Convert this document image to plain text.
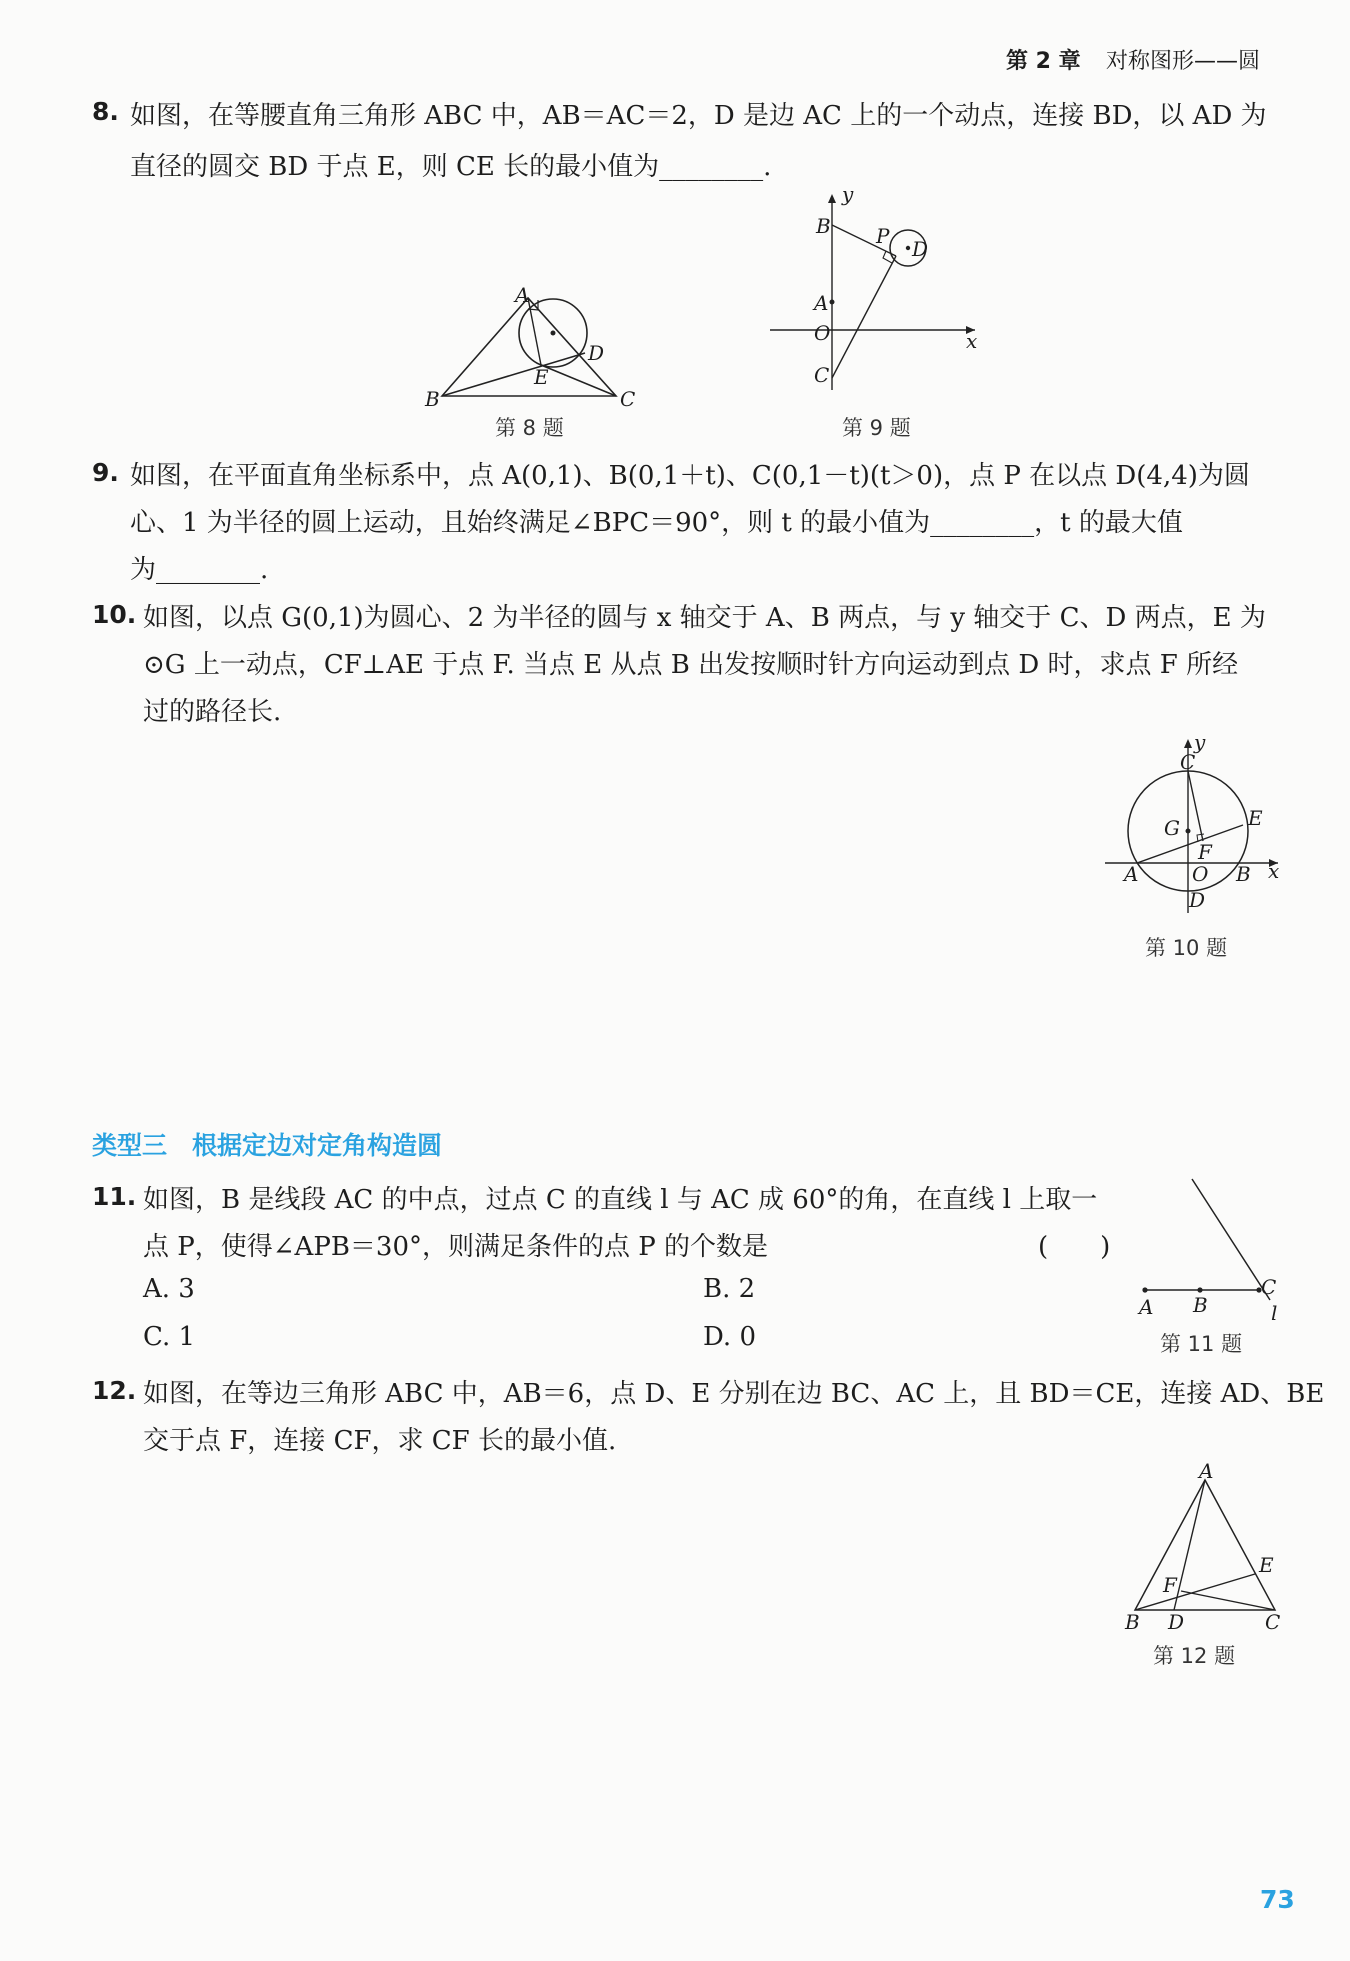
第 2 章 对称图形——圆
8. 如图，在等腰直角三角形 ABC 中，AB＝AC＝2，D 是边 AC 上的一个动点，连接 BD，以 AD 为
直径的圆交 BD 于点 E，则 CE 长的最小值为________.
A
B	C
D
E
第 8 题
y
x
B P
D
A
O
C
第 9 题
9. 如图，在平面直角坐标系中，点 A(0,1)、B(0,1＋t)、C(0,1－t)(t＞0)，点 P 在以点 D(4,4)为圆
心、1 为半径的圆上运动，且始终满足∠BPC＝90°，则 t 的最小值为________，t 的最大值
为________.
10. 如图，以点 G(0,1)为圆心、2 为半径的圆与 x 轴交于 A、B 两点，与 y 轴交于 C、D 两点，E 为
⊙G 上一动点，CF⊥AE 于点 F. 当点 E 从点 B 出发按顺时针方向运动到点 D 时，求点 F 所经
过的路径长.
y
C
G	E
F
A	O B x
D
第 10 题
类型三　根据定边对定角构造圆
11. 如图，B 是线段 AC 的中点，过点 C 的直线 l 与 AC 成 60°的角，在直线 l 上取一
点 P，使得∠APB＝30°，则满足条件的点 P 的个数是	(　　)
A. 3	B. 2
C. 1	D. 0
A B
C
l
第 11 题
12. 如图，在等边三角形 ABC 中，AB＝6，点 D、E 分别在边 BC、AC 上，且 BD＝CE，连接 AD、BE
交于点 F，连接 CF，求 CF 长的最小值.
A
E
F
B D	C
第 12 题
73
